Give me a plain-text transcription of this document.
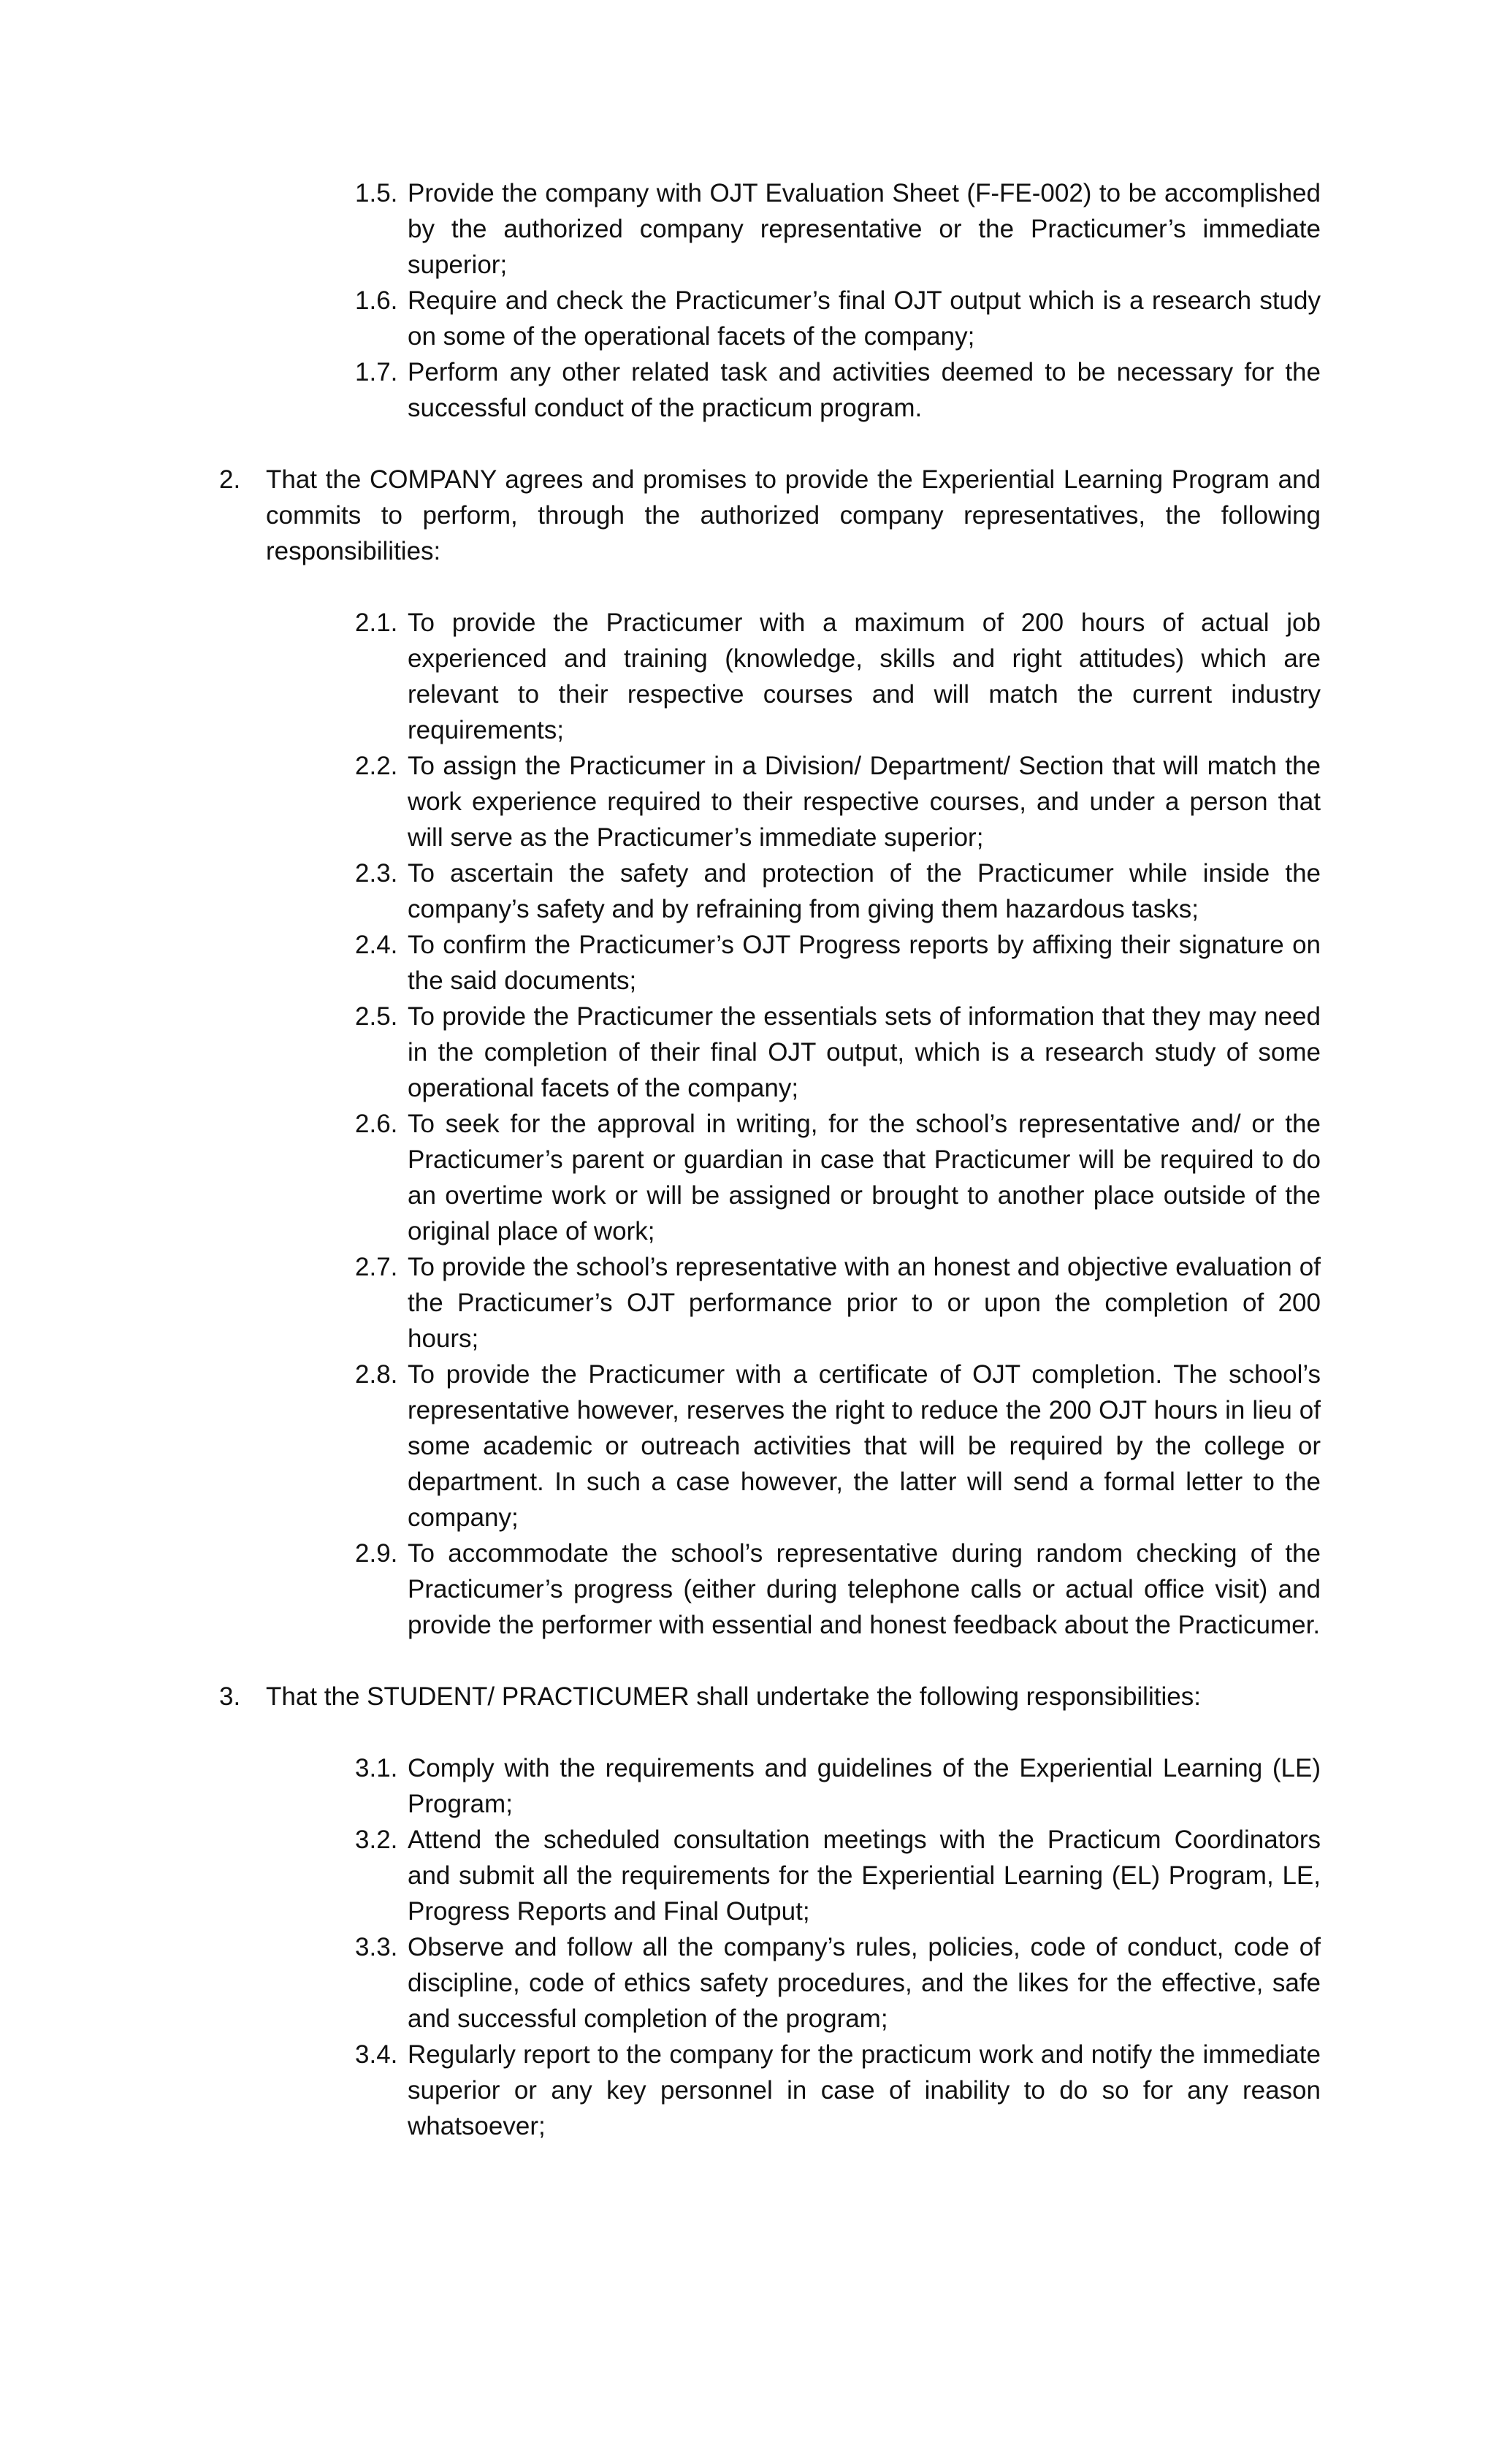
1.5. Provide the company with OJT Evaluation Sheet (F-FE-002) to be accomplished by the authorized company representative or the Practicumer’s immediate superior;
1.6. Require and check the Practicumer’s final OJT output which is a research study on some of the operational facets of the company;
1.7. Perform any other related task and activities deemed to be necessary for the successful conduct of the practicum program.
2. That the COMPANY agrees and promises to provide the Experiential Learning Program and commits to perform, through the authorized company representatives, the following responsibilities:
2.1. To provide the Practicumer with a maximum of 200 hours of actual job experienced and training (knowledge, skills and right attitudes) which are relevant to their respective courses and will match the current industry requirements;
2.2. To assign the Practicumer in a Division/ Department/ Section that will match the work experience required to their respective courses, and under a person that will serve as the Practicumer’s immediate superior;
2.3. To ascertain the safety and protection of the Practicumer while inside the company’s safety and by refraining from giving them hazardous tasks;
2.4. To confirm the Practicumer’s OJT Progress reports by affixing their signature on the said documents;
2.5. To provide the Practicumer the essentials sets of information that they may need in the completion of their final OJT output, which is a research study of some operational facets of the company;
2.6. To seek for the approval in writing, for the school’s representative and/ or the Practicumer’s parent or guardian in case that Practicumer will be required to do an overtime work or will be assigned or brought to another place outside of the original place of work;
2.7. To provide the school’s representative with an honest and objective evaluation of the Practicumer’s OJT performance prior to or upon the completion of 200 hours;
2.8. To provide the Practicumer with a certificate of OJT completion. The school’s representative however, reserves the right to reduce the 200 OJT hours in lieu of some academic or outreach activities that will be required by the college or department. In such a case however, the latter will send a formal letter to the company;
2.9. To accommodate the school’s representative during random checking of the Practicumer’s progress (either during telephone calls or actual office visit) and provide the performer with essential and honest feedback about the Practicumer.
3. That the STUDENT/ PRACTICUMER shall undertake the following responsibilities:
3.1. Comply with the requirements and guidelines of the Experiential Learning (LE) Program;
3.2. Attend the scheduled consultation meetings with the Practicum Coordinators and submit all the requirements for the Experiential Learning (EL) Program, LE, Progress Reports and Final Output;
3.3. Observe and follow all the company’s rules, policies, code of conduct, code of discipline, code of ethics safety procedures, and the likes for the effective, safe and successful completion of the program;
3.4. Regularly report to the company for the practicum work and notify the immediate superior or any key personnel in case of inability to do so for any reason whatsoever;
